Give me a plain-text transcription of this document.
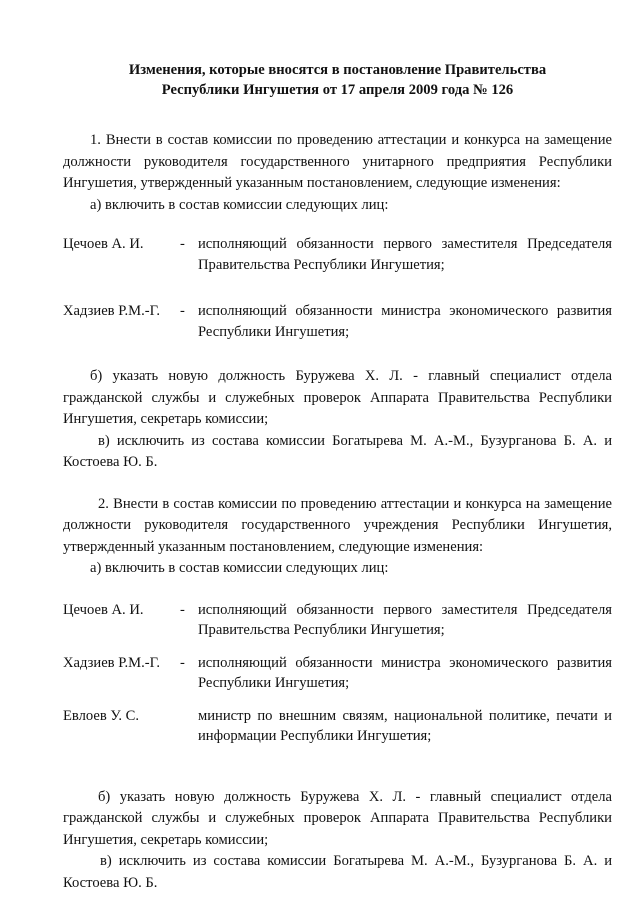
Изменения, которые вносятся в постановление Правительства
Республики Ингушетия от 17 апреля 2009 года № 126

1. Внести в состав комиссии по проведению аттестации и конкурса на замещение должности руководителя государственного унитарного предприятия Республики Ингушетия, утвержденный указанным постановлением, следующие изменения:

а) включить в состав комиссии следующих лиц:

Цечоев А. И.	- исполняющий обязанности первого заместителя Председателя Правительства Республики Ингушетия;
Хадзиев Р.М.-Г.	- исполняющий обязанности министра экономического развития Республики Ингушетия;

б) указать новую должность Буружева Х. Л. - главный специалист отдела гражданской службы и служебных проверок Аппарата Правительства Республики Ингушетия, секретарь комиссии;

в) исключить из состава комиссии Богатырева М. А.-М., Бузурганова Б. А. и Костоева Ю. Б.

2. Внести в состав комиссии по проведению аттестации и конкурса на замещение должности руководителя государственного учреждения Республики Ингушетия, утвержденный указанным постановлением, следующие изменения:

а) включить в состав комиссии следующих лиц:

Цечоев А. И.	- исполняющий обязанности первого заместителя Председателя Правительства Республики Ингушетия;
Хадзиев Р.М.-Г.	- исполняющий обязанности министра экономического развития Республики Ингушетия;
Евлоев У. С.	министр по внешним связям, национальной политике, печати и информации Республики Ингушетия;

б) указать новую должность Буружева Х. Л. - главный специалист отдела гражданской службы и служебных проверок Аппарата Правительства Республики Ингушетия, секретарь комиссии;

в) исключить из состава комиссии Богатырева М. А.-М., Бузурганова Б. А. и Костоева Ю. Б.
